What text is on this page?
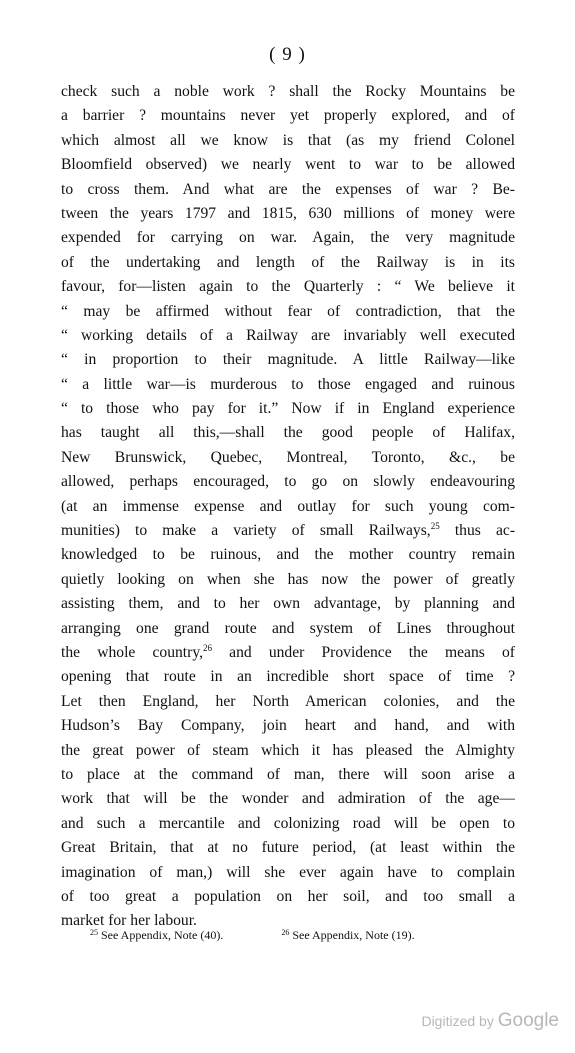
( 9 )
check such a noble work ? shall the Rocky Mountains be
a barrier ? mountains never yet properly explored, and of
which almost all we know is that (as my friend Colonel
Bloomfield observed) we nearly went to war to be allowed
to cross them. And what are the expenses of war ? Be-
tween the years 1797 and 1815, 630 millions of money were
expended for carrying on war. Again, the very magnitude
of the undertaking and length of the Railway is in its
favour, for—listen again to the Quarterly : “ We believe it
“ may be affirmed without fear of contradiction, that the
“ working details of a Railway are invariably well executed
“ in proportion to their magnitude. A little Railway—like
“ a little war—is murderous to those engaged and ruinous
“ to those who pay for it.” Now if in England experience
has taught all this,—shall the good people of Halifax,
New Brunswick, Quebec, Montreal, Toronto, &c., be
allowed, perhaps encouraged, to go on slowly endeavouring
(at an immense expense and outlay for such young com-
munities) to make a variety of small Railways,$^{25}$ thus ac-
knowledged to be ruinous, and the mother country remain
quietly looking on when she has now the power of greatly
assisting them, and to her own advantage, by planning and
arranging one grand route and system of Lines throughout
the whole country,$^{26}$ and under Providence the means of
opening that route in an incredible short space of time ?
Let then England, her North American colonies, and the
Hudson’s Bay Company, join heart and hand, and with
the great power of steam which it has pleased the Almighty
to place at the command of man, there will soon arise a
work that will be the wonder and admiration of the age—
and such a mercantile and colonizing road will be open to
Great Britain, that at no future period, (at least within the
imagination of man,) will she ever again have to complain
of too great a population on her soil, and too small a
market for her labour.
$^{25}$ See Appendix, Note (40).	$^{26}$ See Appendix, Note (19).
Digitized by Google
